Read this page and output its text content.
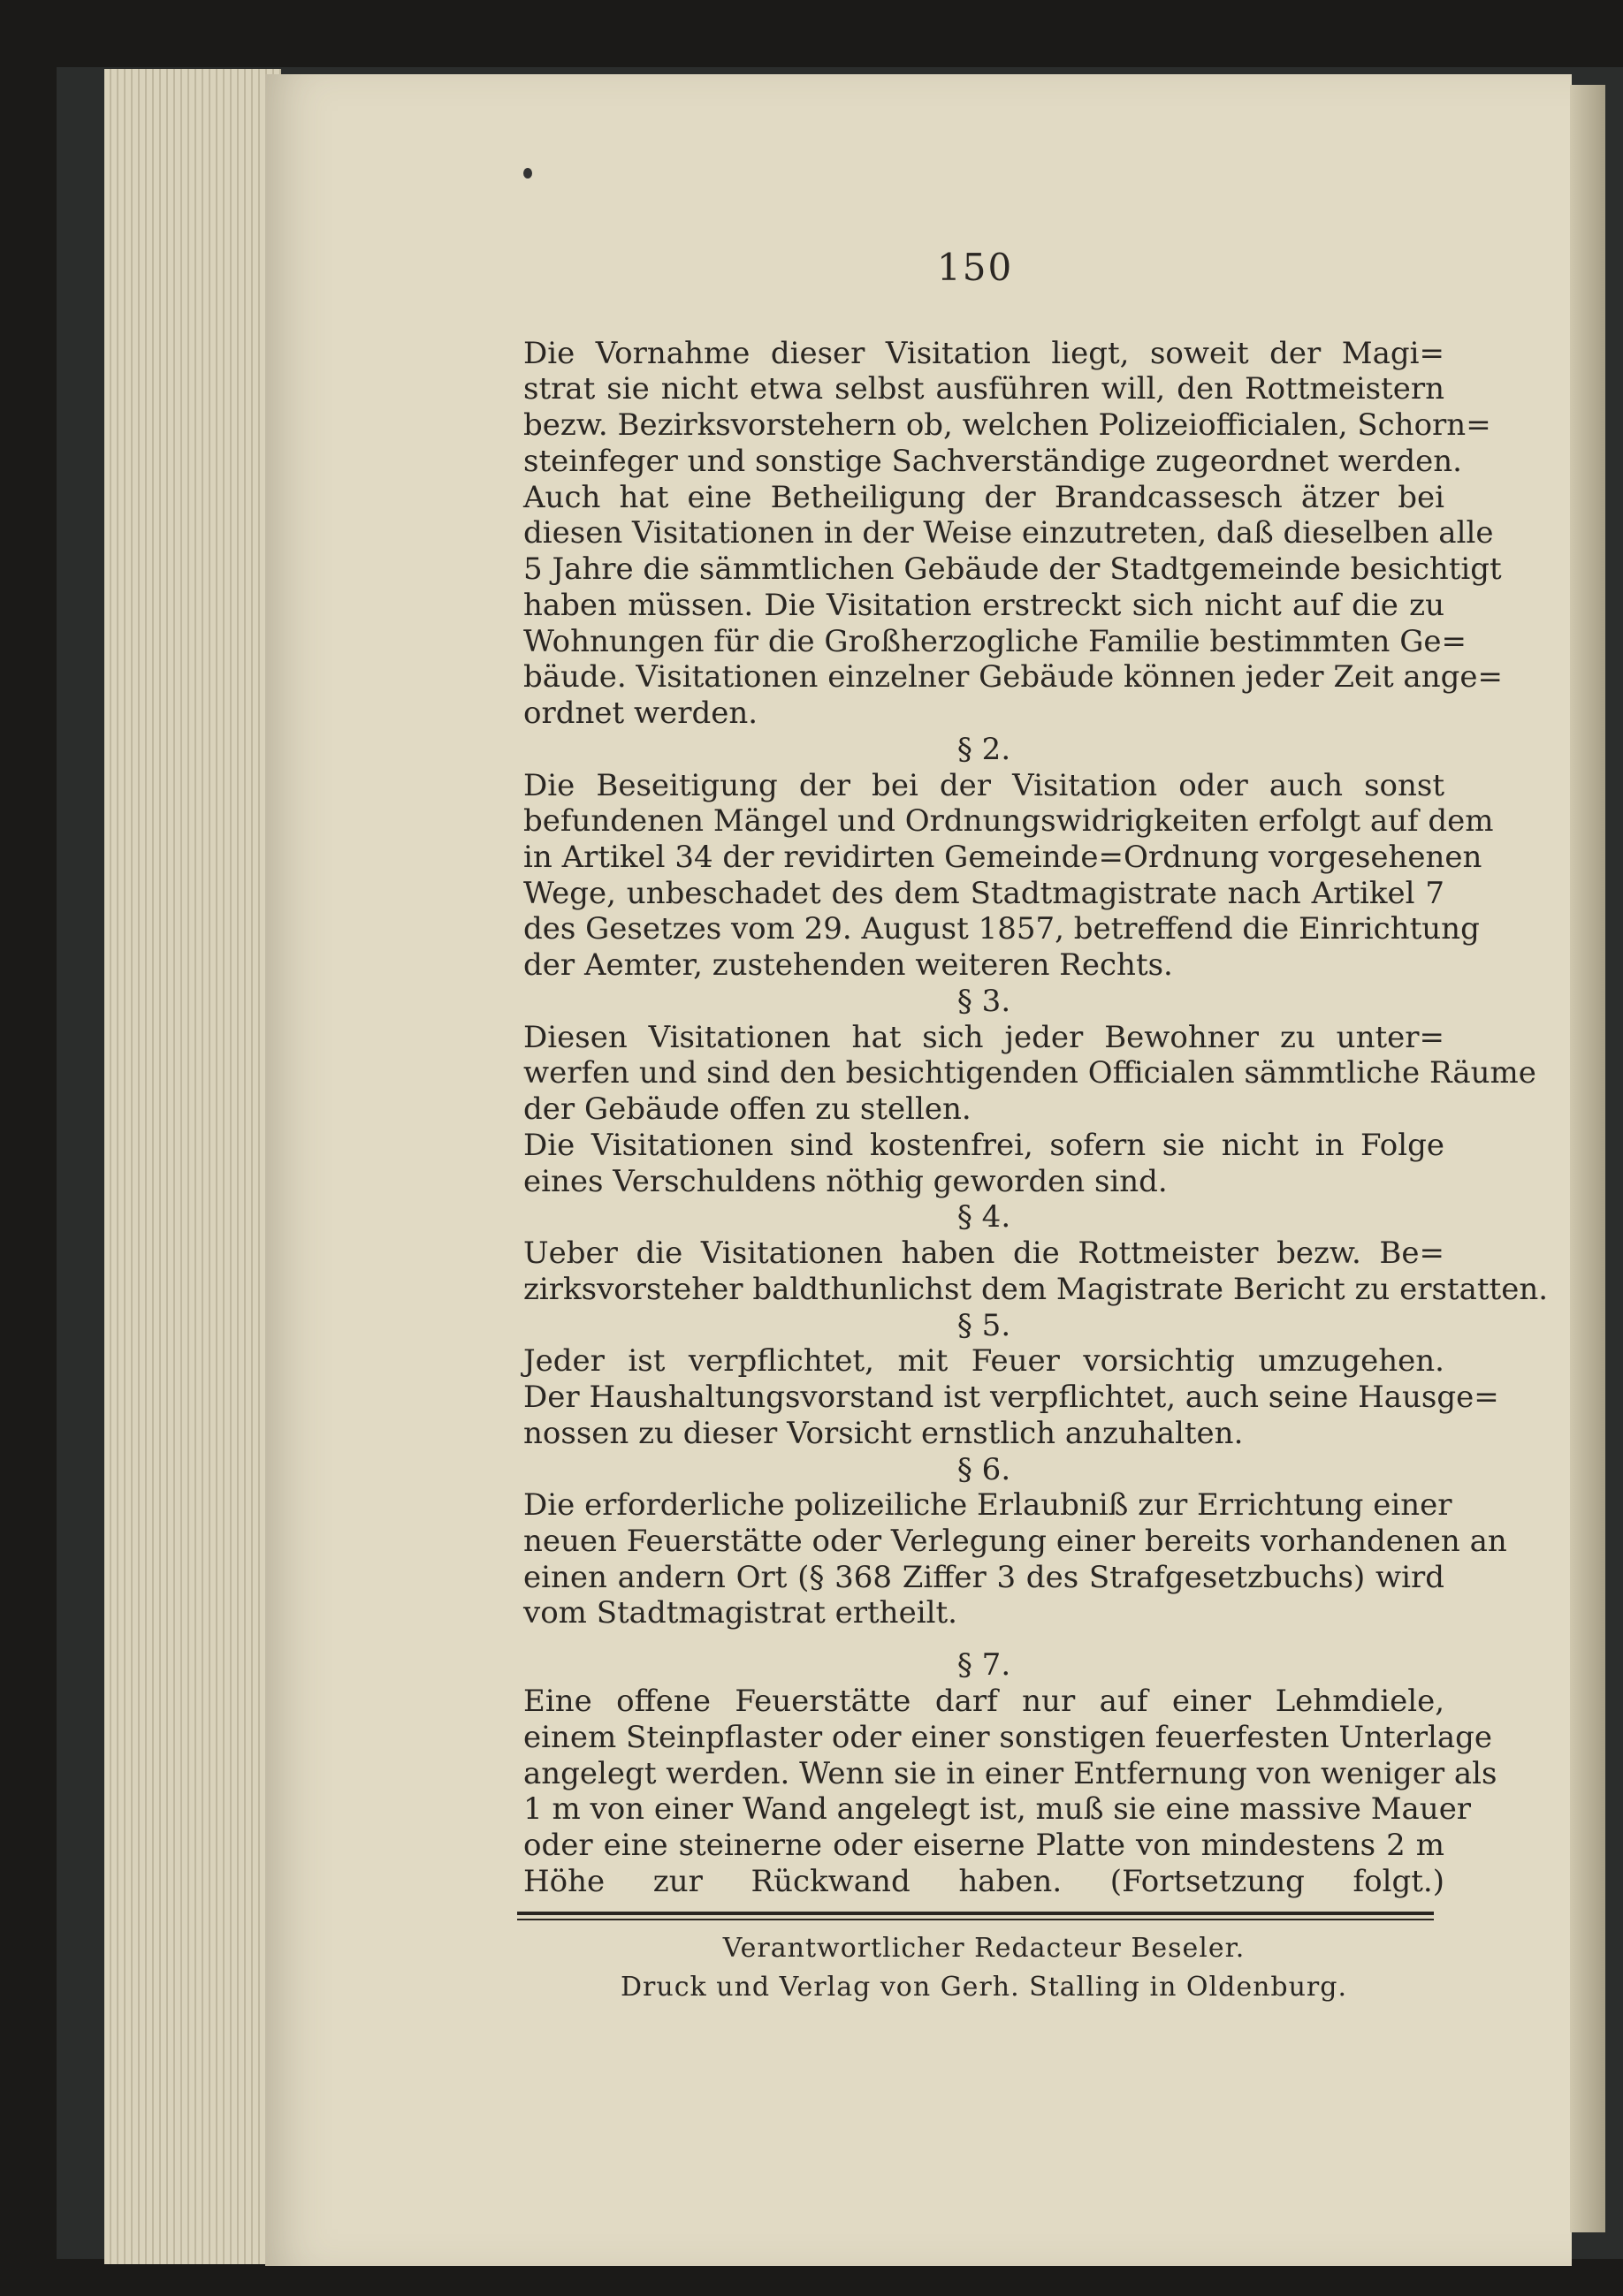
150
Die Vornahme dieser Visitation liegt, soweit der Magi=
strat sie nicht etwa selbst ausführen will, den Rottmeistern
bezw. Bezirksvorstehern ob, welchen Polizeiofficialen, Schorn=
steinfeger und sonstige Sachverständige zugeordnet werden.
Auch hat eine Betheiligung der Brandcassesch ätzer bei
diesen Visitationen in der Weise einzutreten, daß dieselben alle
5 Jahre die sämmtlichen Gebäude der Stadtgemeinde besichtigt
haben müssen. Die Visitation erstreckt sich nicht auf die zu
Wohnungen für die Großherzogliche Familie bestimmten Ge=
bäude. Visitationen einzelner Gebäude können jeder Zeit ange=
ordnet werden.
§ 2.
Die Beseitigung der bei der Visitation oder auch sonst
befundenen Mängel und Ordnungswidrigkeiten erfolgt auf dem
in Artikel 34 der revidirten Gemeinde=Ordnung vorgesehenen
Wege, unbeschadet des dem Stadtmagistrate nach Artikel 7
des Gesetzes vom 29. August 1857, betreffend die Einrichtung
der Aemter, zustehenden weiteren Rechts.
§ 3.
Diesen Visitationen hat sich jeder Bewohner zu unter=
werfen und sind den besichtigenden Officialen sämmtliche Räume
der Gebäude offen zu stellen.
Die Visitationen sind kostenfrei, sofern sie nicht in Folge
eines Verschuldens nöthig geworden sind.
§ 4.
Ueber die Visitationen haben die Rottmeister bezw. Be=
zirksvorsteher baldthunlichst dem Magistrate Bericht zu erstatten.
§ 5.
Jeder ist verpflichtet, mit Feuer vorsichtig umzugehen.
Der Haushaltungsvorstand ist verpflichtet, auch seine Hausge=
nossen zu dieser Vorsicht ernstlich anzuhalten.
§ 6.
Die erforderliche polizeiliche Erlaubniß zur Errichtung einer
neuen Feuerstätte oder Verlegung einer bereits vorhandenen an
einen andern Ort (§ 368 Ziffer 3 des Strafgesetzbuchs) wird
vom Stadtmagistrat ertheilt.
§ 7.
Eine offene Feuerstätte darf nur auf einer Lehmdiele,
einem Steinpflaster oder einer sonstigen feuerfesten Unterlage
angelegt werden. Wenn sie in einer Entfernung von weniger als
1 m von einer Wand angelegt ist, muß sie eine massive Mauer
oder eine steinerne oder eiserne Platte von mindestens 2 m
Höhe zur Rückwand haben. (Fortsetzung folgt.)
Verantwortlicher Redacteur Beseler.
Druck und Verlag von Gerh. Stalling in Oldenburg.
